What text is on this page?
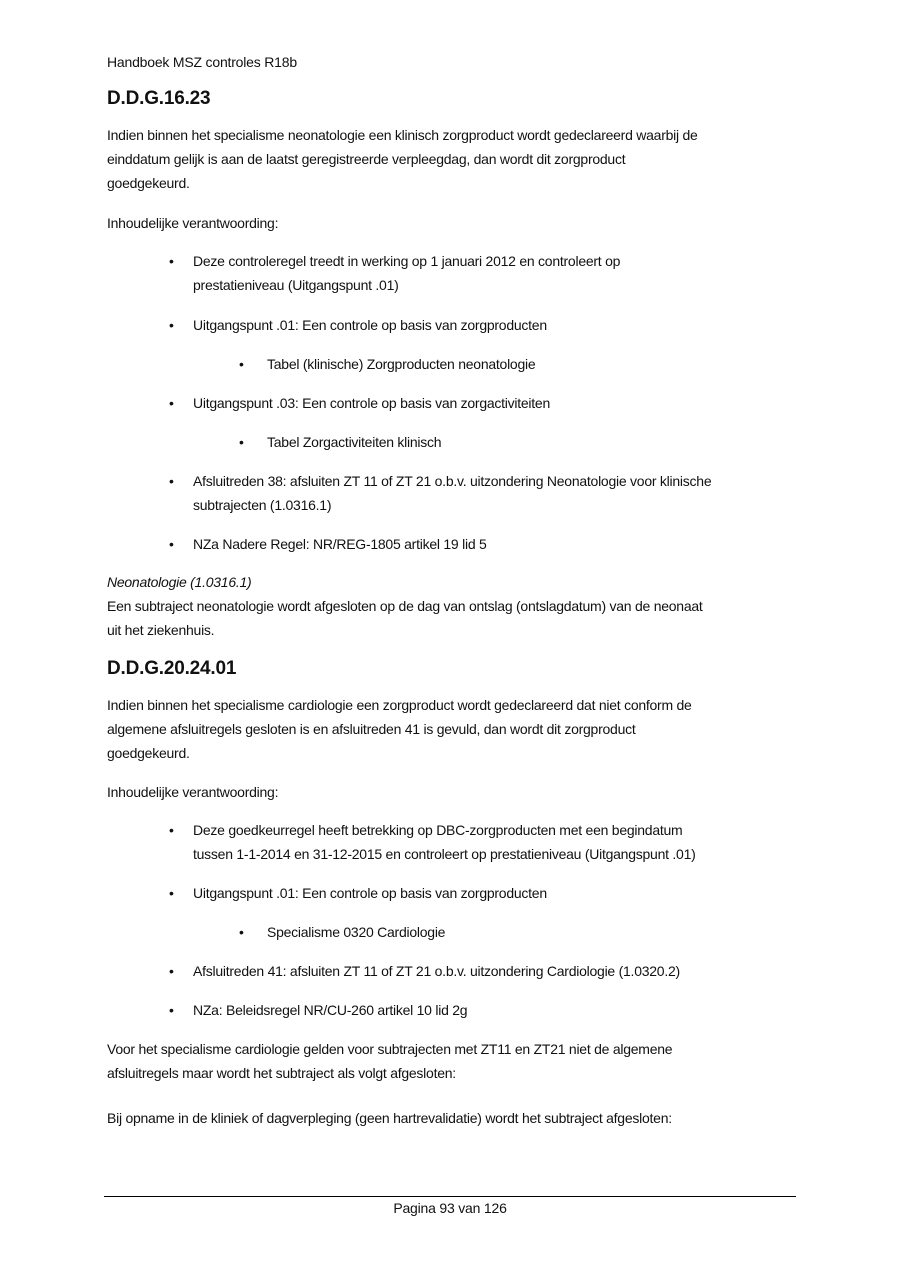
Handboek MSZ controles R18b
D.D.G.16.23

Indien binnen het specialisme neonatologie een klinisch zorgproduct wordt gedeclareerd waarbij de

einddatum gelijk is aan de laatst geregistreerde verpleegdag, dan wordt dit zorgproduct

goedgekeurd.

Inhoudelijke verantwoording:

• Deze controleregel treedt in werking op 1 januari 2012 en controleert op
prestatieniveau (Uitgangspunt .01)
• Uitgangspunt .01: Een controle op basis van zorgproducten
• Tabel (klinische) Zorgproducten neonatologie
• Uitgangspunt .03: Een controle op basis van zorgactiviteiten
• Tabel Zorgactiviteiten klinisch
• Afsluitreden 38: afsluiten ZT 11 of ZT 21 o.b.v. uitzondering Neonatologie voor klinische
subtrajecten (1.0316.1)
• NZa Nadere Regel: NR/REG-1805 artikel 19 lid 5

Neonatologie (1.0316.1)

Een subtraject neonatologie wordt afgesloten op de dag van ontslag (ontslagdatum) van de neonaat

uit het ziekenhuis.

D.D.G.20.24.01

Indien binnen het specialisme cardiologie een zorgproduct wordt gedeclareerd dat niet conform de

algemene afsluitregels gesloten is en afsluitreden 41 is gevuld, dan wordt dit zorgproduct

goedgekeurd.

Inhoudelijke verantwoording:

• Deze goedkeurregel heeft betrekking op DBC-zorgproducten met een begindatum
tussen 1-1-2014 en 31-12-2015 en controleert op prestatieniveau (Uitgangspunt .01)
• Uitgangspunt .01: Een controle op basis van zorgproducten
• Specialisme 0320 Cardiologie
• Afsluitreden 41: afsluiten ZT 11 of ZT 21 o.b.v. uitzondering Cardiologie (1.0320.2)
• NZa: Beleidsregel NR/CU-260 artikel 10 lid 2g

Voor het specialisme cardiologie gelden voor subtrajecten met ZT11 en ZT21 niet de algemene

afsluitregels maar wordt het subtraject als volgt afgesloten:

Bij opname in de kliniek of dagverpleging (geen hartrevalidatie) wordt het subtraject afgesloten:

Pagina 93 van 126
